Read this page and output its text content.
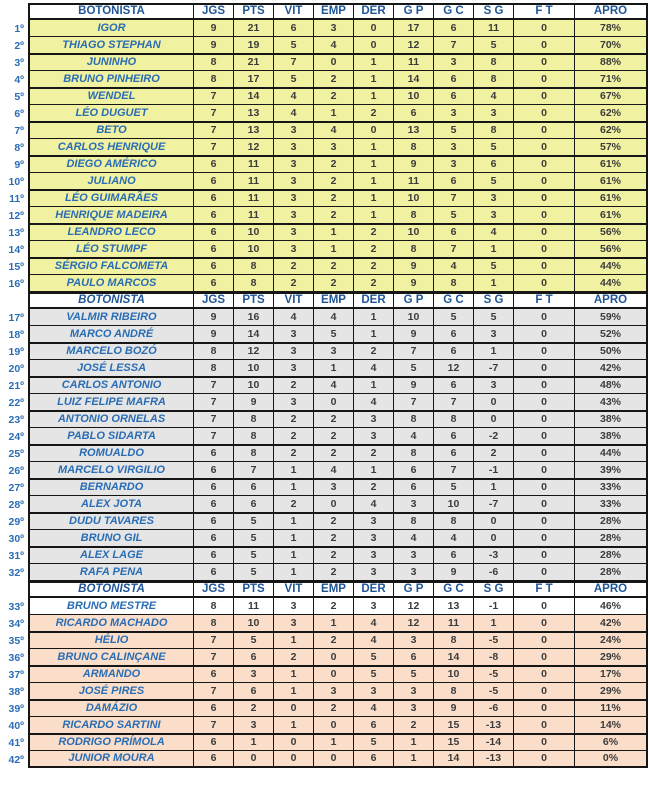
BOTONISTA	JGS	PTS	VIT	EMP	DER	G P	G C	S G	F T	APRO
1º	IGOR	9	21	6	3	0	17	6	11	0	78%
2º	THIAGO STEPHAN	9	19	5	4	0	12	7	5	0	70%
3º	JUNINHO	8	21	7	0	1	11	3	8	0	88%
4º	BRUNO PINHEIRO	8	17	5	2	1	14	6	8	0	71%
5º	WENDEL	7	14	4	2	1	10	6	4	0	67%
6º	LÉO DUGUET	7	13	4	1	2	6	3	3	0	62%
7º	BETO	7	13	3	4	0	13	5	8	0	62%
8º	CARLOS HENRIQUE	7	12	3	3	1	8	3	5	0	57%
9º	DIEGO AMÉRICO	6	11	3	2	1	9	3	6	0	61%
10º	JULIANO	6	11	3	2	1	11	6	5	0	61%
11º	LÉO GUIMARÃES	6	11	3	2	1	10	7	3	0	61%
12º	HENRIQUE MADEIRA	6	11	3	2	1	8	5	3	0	61%
13º	LEANDRO LECO	6	10	3	1	2	10	6	4	0	56%
14º	LÉO STUMPF	6	10	3	1	2	8	7	1	0	56%
15º	SÉRGIO FALCOMETA	6	8	2	2	2	9	4	5	0	44%
16º	PAULO MARCOS	6	8	2	2	2	9	8	1	0	44%
BOTONISTA	JGS	PTS	VIT	EMP	DER	G P	G C	S G	F T	APRO
17º	VALMIR RIBEIRO	9	16	4	4	1	10	5	5	0	59%
18º	MARCO ANDRÉ	9	14	3	5	1	9	6	3	0	52%
19º	MARCELO BOZÓ	8	12	3	3	2	7	6	1	0	50%
20º	JOSÉ LESSA	8	10	3	1	4	5	12	-7	0	42%
21º	CARLOS ANTONIO	7	10	2	4	1	9	6	3	0	48%
22º	LUIZ FELIPE MAFRA	7	9	3	0	4	7	7	0	0	43%
23º	ANTONIO ORNELAS	7	8	2	2	3	8	8	0	0	38%
24º	PABLO SIDARTA	7	8	2	2	3	4	6	-2	0	38%
25º	ROMUALDO	6	8	2	2	2	8	6	2	0	44%
26º	MARCELO VIRGILIO	6	7	1	4	1	6	7	-1	0	39%
27º	BERNARDO	6	6	1	3	2	6	5	1	0	33%
28º	ALEX JOTA	6	6	2	0	4	3	10	-7	0	33%
29º	DUDU TAVARES	6	5	1	2	3	8	8	0	0	28%
30º	BRUNO GIL	6	5	1	2	3	4	4	0	0	28%
31º	ALEX LAGE	6	5	1	2	3	3	6	-3	0	28%
32º	RAFA PENA	6	5	1	2	3	3	9	-6	0	28%
BOTONISTA	JGS	PTS	VIT	EMP	DER	G P	G C	S G	F T	APRO
33º	BRUNO MESTRE	8	11	3	2	3	12	13	-1	0	46%
34º	RICARDO MACHADO	8	10	3	1	4	12	11	1	0	42%
35º	HÉLIO	7	5	1	2	4	3	8	-5	0	24%
36º	BRUNO CALINÇANE	7	6	2	0	5	6	14	-8	0	29%
37º	ARMANDO	6	3	1	0	5	5	10	-5	0	17%
38º	JOSÉ PIRES	7	6	1	3	3	3	8	-5	0	29%
39º	DAMÁZIO	6	2	0	2	4	3	9	-6	0	11%
40º	RICARDO SARTINI	7	3	1	0	6	2	15	-13	0	14%
41º	RODRIGO PRÍMOLA	6	1	0	1	5	1	15	-14	0	6%
42º	JUNIOR MOURA	6	0	0	0	6	1	14	-13	0	0%
